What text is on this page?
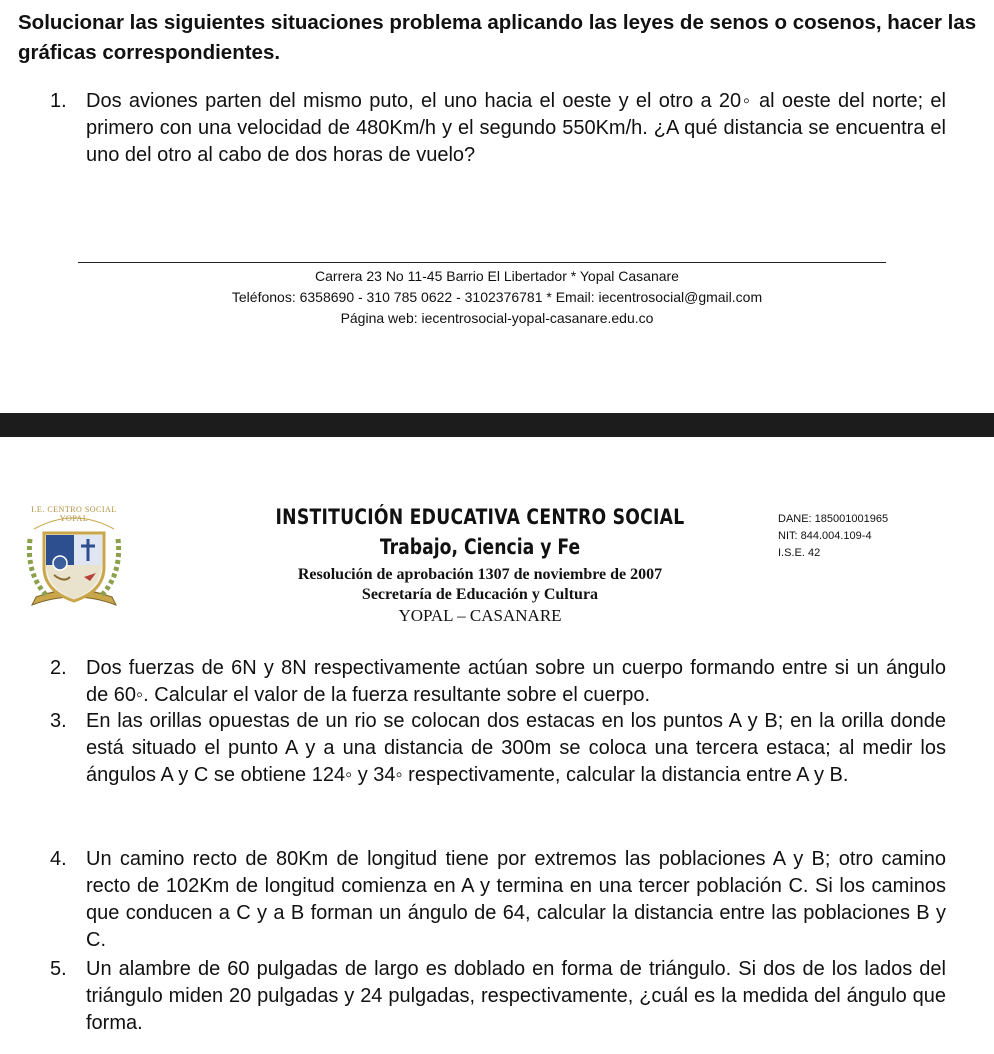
Solucionar las siguientes situaciones problema aplicando las leyes de senos o cosenos, hacer las gráficas correspondientes.
1. Dos aviones parten del mismo puto, el uno hacia el oeste y el otro a 20◦ al oeste del norte; el primero con una velocidad de 480Km/h y el segundo 550Km/h. ¿A qué distancia se encuentra el uno del otro al cabo de dos horas de vuelo?
Carrera 23 No 11-45 Barrio El Libertador * Yopal Casanare
Teléfonos: 6358690 - 310 785 0622 - 3102376781 * Email: iecentrosocial@gmail.com
Página web: iecentrosocial-yopal-casanare.edu.co
I.E. CENTRO SOCIAL YOPAL	INSTITUCIÓN EDUCATIVA CENTRO SOCIAL
Trabajo, Ciencia y Fe
Resolución de aprobación 1307 de noviembre de 2007
Secretaría de Educación y Cultura
YOPAL – CASANARE
DANE: 185001001965
NIT: 844.004.109-4
I.S.E. 42
2. Dos fuerzas de 6N y 8N respectivamente actúan sobre un cuerpo formando entre si un ángulo de 60◦. Calcular el valor de la fuerza resultante sobre el cuerpo.
3. En las orillas opuestas de un rio se colocan dos estacas en los puntos A y B; en la orilla donde está situado el punto A y a una distancia de 300m se coloca una tercera estaca; al medir los ángulos A y C se obtiene 124◦ y 34◦ respectivamente, calcular la distancia entre A y B.
4. Un camino recto de 80Km de longitud tiene por extremos las poblaciones A y B; otro camino recto de 102Km de longitud comienza en A y termina en una tercer población C. Si los caminos que conducen a C y a B forman un ángulo de 64, calcular la distancia entre las poblaciones B y C.
5. Un alambre de 60 pulgadas de largo es doblado en forma de triángulo. Si dos de los lados del triángulo miden 20 pulgadas y 24 pulgadas, respectivamente, ¿cuál es la medida del ángulo que forma.
